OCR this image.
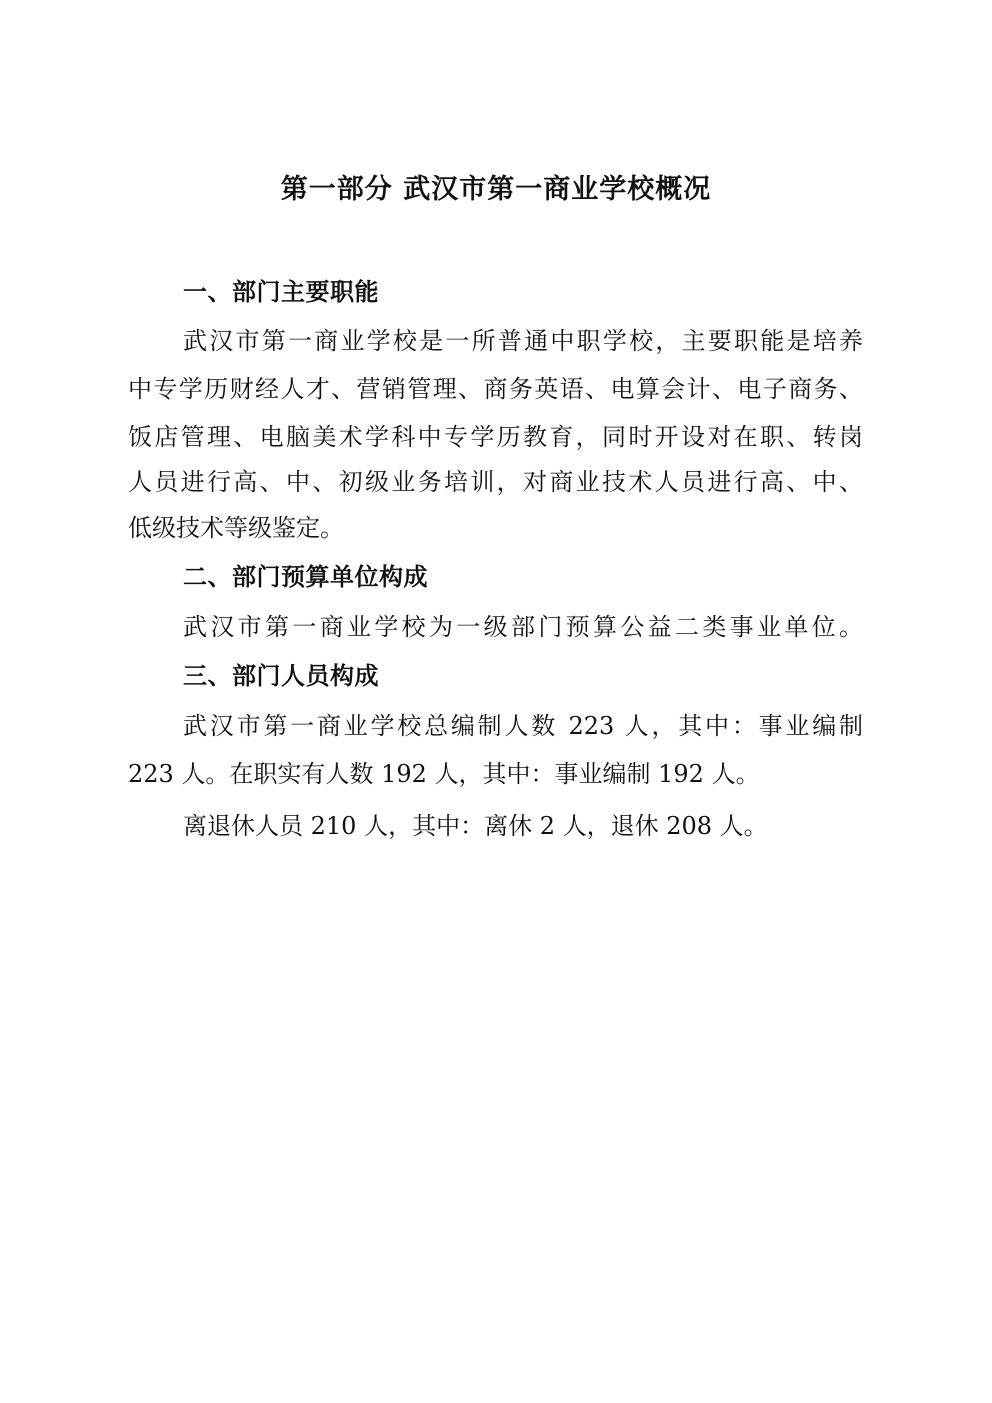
第一部分 武汉市第一商业学校概况
一、部门主要职能
武汉市第一商业学校是一所普通中职学校，主要职能是培养
中专学历财经人才、营销管理、商务英语、电算会计、电子商务、
饭店管理、电脑美术学科中专学历教育，同时开设对在职、转岗
人员进行高、中、初级业务培训，对商业技术人员进行高、中、
低级技术等级鉴定。
二、部门预算单位构成
武汉市第一商业学校为一级部门预算公益二类事业单位。
三、部门人员构成
武汉市第一商业学校总编制人数 223 人，其中：事业编制
223 人。在职实有人数 192 人，其中：事业编制 192 人。
离退休人员 210 人，其中：离休 2 人，退休 208 人。
